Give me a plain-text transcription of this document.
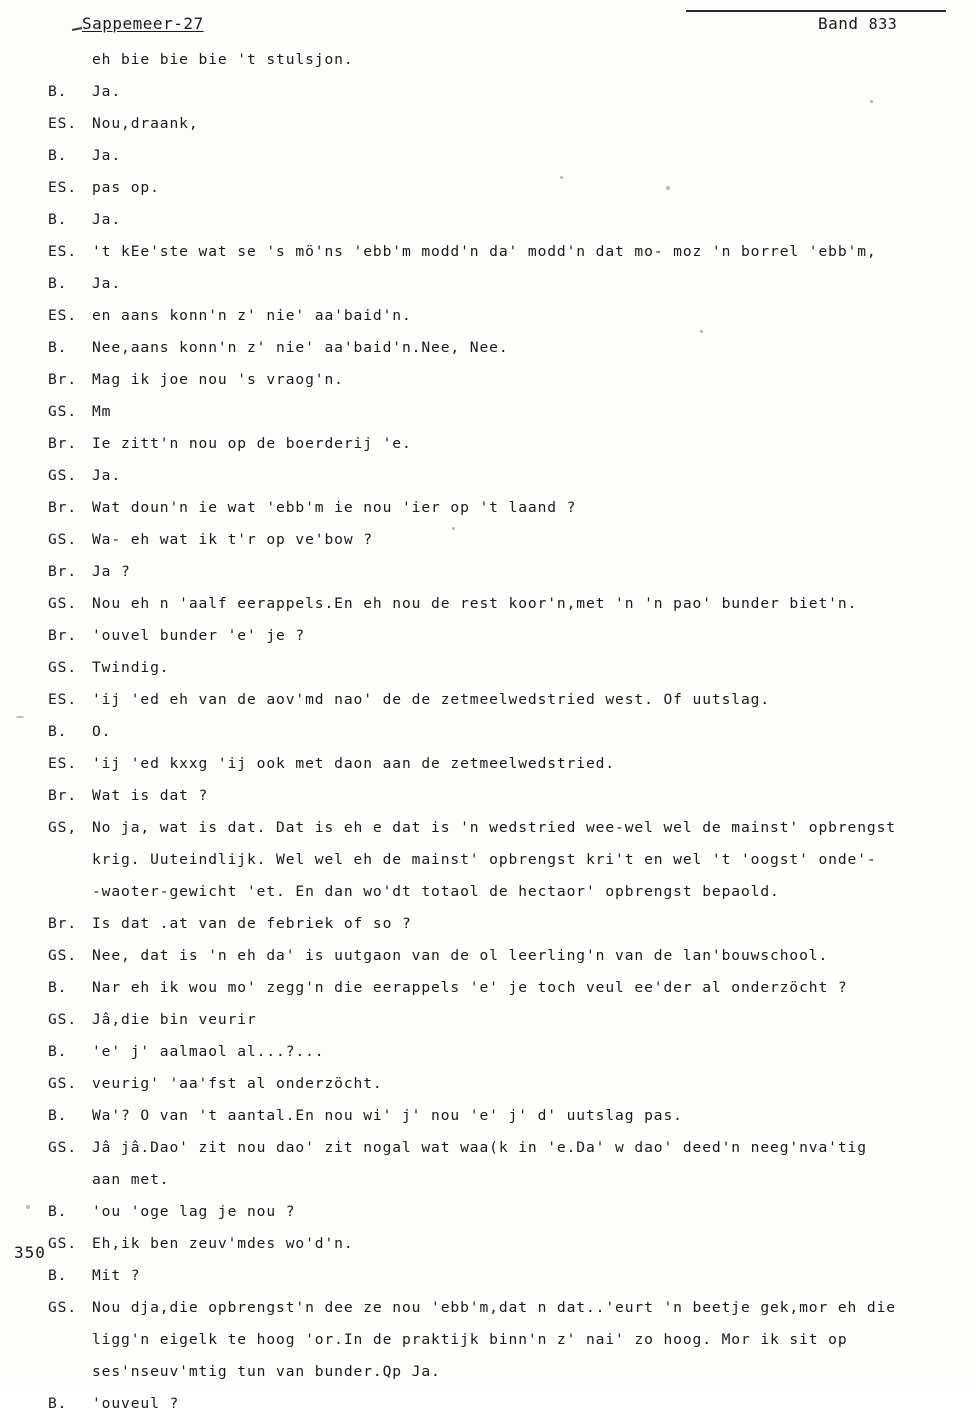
Sappemeer-27	Band 833
350
eh bie bie bie 't stulsjon.
B.	Ja.
ES.	Nou,draank,
B.	Ja.
ES.	pas op.
B.	Ja.
ES.	't kEe'ste wat se 's mö'ns 'ebb'm modd'n da' modd'n dat mo- moz 'n borrel 'ebb'm,
B.	Ja.
ES.	en aans konn'n z' nie' aa'baid'n.
B.	Nee,aans konn'n z' nie' aa'baid'n.Nee, Nee.
Br.	Mag ik joe nou 's vraog'n.
GS.	Mm
Br.	Ie zitt'n nou op de boerderij 'e.
GS.	Ja.
Br.	Wat doun'n ie wat 'ebb'm ie nou 'ier op 't laand ?
GS.	Wa- eh wat ik t'r op ve'bow ?
Br.	Ja ?
GS.	Nou eh n 'aalf eerappels.En eh nou de rest koor'n,met 'n 'n pao' bunder biet'n.
Br.	'ouvel bunder 'e' je ?
GS.	Twindig.
ES.	'ij 'ed eh van de aov'md nao' de de zetmeelwedstried west. Of uutslag.
B.	O.
ES.	'ij 'ed kxxg 'ij ook met daon aan de zetmeelwedstried.
Br.	Wat is dat ?
GS,	No ja, wat is dat. Dat is eh e dat is 'n wedstried wee-wel wel de mainst' opbrengst
krig. Uuteindlijk. Wel wel eh de mainst' opbrengst kri't en wel 't 'oogst' onde'-
-waoter-gewicht 'et. En dan wo'dt totaol de hectaor' opbrengst bepaold.
Br.	Is dat .at van de febriek of so ?
GS.	Nee, dat is 'n eh da' is uutgaon van de ol leerling'n van de lan'bouwschool.
B.	Nar eh ik wou mo' zegg'n die eerappels 'e' je toch veul ee'der al onderzöcht ?
GS.	Jâ,die bin veurir
B.	'e' j' aalmaol al...?...
GS.	veurig' 'aa'fst al onderzöcht.
B.	Wa'? O van 't aantal.En nou wi' j' nou 'e' j' d' uutslag pas.
GS.	Jâ jâ.Dao' zit nou dao' zit nogal wat waa(k in 'e.Da' w dao' deed'n neeg'nva'tig
aan met.
B.	'ou 'oge lag je nou ?
GS.	Eh,ik ben zeuv'mdes wo'd'n.
B.	Mit ?
GS.	Nou dja,die opbrengst'n dee ze nou 'ebb'm,dat n dat..'eurt 'n beetje gek,mor eh die
ligg'n eigelk te hoog 'or.In de praktijk binn'n z' nai' zo hoog. Mor ik sit op
ses'nseuv'mtig tun van bunder.Qp Ja.
B.	'ouveul ?
